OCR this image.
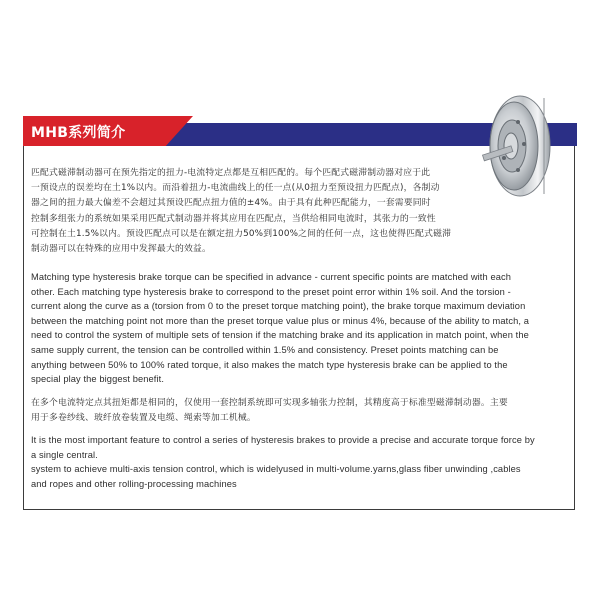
MHB系列简介

匹配式磁滞制动器可在预先指定的扭力-电流特定点都是互相匹配的。每个匹配式磁滞制动器对应于此
一预设点的误差均在土1%以内。而沿着扭力-电流曲线上的任一点(从0扭力至预设扭力匹配点)，各制动
器之间的扭力最大偏差不会超过其预设匹配点扭力值的±4%。由于具有此种匹配能力，一套需要同时
控制多组张力的系统如果采用匹配式制动器并将其应用在匹配点，当供给相同电流时，其张力的一致性
可控制在土1.5%以内。预设匹配点可以是在额定扭力50%到100%之间的任何一点，这也使得匹配式磁滞
制动器可以在特殊的应用中发挥最大的效益。

Matching type hysteresis brake torque can be specified in advance - current specific points are matched with each
other. Each matching type hysteresis brake to correspond to the preset point error within 1% soil. And the torsion -
current along the curve as a (torsion from 0 to the preset torque matching point), the brake torque maximum deviation
between the matching point not more than the preset torque value plus or minus 4%, because of the ability to match, a
need to control the system of multiple sets of tension if the matching brake and its application in match point, when the
same supply current, the tension can be controlled within 1.5% and consistency. Preset points matching can be
anything between 50% to 100% rated torque, it also makes the match type hysteresis brake can be applied to the
special play the biggest benefit.

在多个电流特定点其扭矩都是相同的，仅使用一套控制系统即可实现多轴张力控制，其精度高于标准型磁滞制动器。主要
用于多卷纱线、玻纤放卷装置及电缆、绳索等加工机械。

It is the most important feature to control a series of hysteresis brakes to provide a precise and accurate torque force by
a single central.
system to achieve multi-axis tension control, which is widelyused in multi-volume.yarns,glass fiber unwinding ,cables
and ropes and other rolling-processing machines
